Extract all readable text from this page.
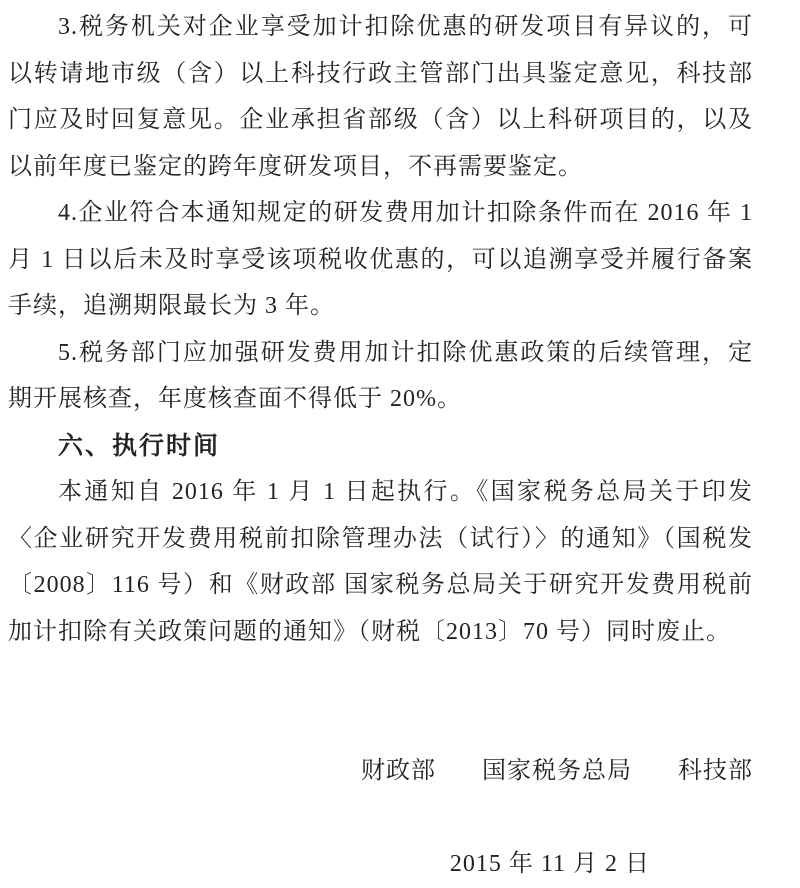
3.税务机关对企业享受加计扣除优惠的研发项目有异议的，可
以转请地市级（含）以上科技行政主管部门出具鉴定意见，科技部
门应及时回复意见。企业承担省部级（含）以上科研项目的，以及
以前年度已鉴定的跨年度研发项目，不再需要鉴定。
4.企业符合本通知规定的研发费用加计扣除条件而在 2016 年 1
月 1 日以后未及时享受该项税收优惠的，可以追溯享受并履行备案
手续，追溯期限最长为 3 年。
5.税务部门应加强研发费用加计扣除优惠政策的后续管理，定
期开展核查，年度核查面不得低于 20%。
六、执行时间
本通知自 2016 年 1 月 1 日起执行。《国家税务总局关于印发
〈企业研究开发费用税前扣除管理办法（试行）〉的通知》（国税发
〔2008〕116 号）和《财政部 国家税务总局关于研究开发费用税前
加计扣除有关政策问题的通知》（财税〔2013〕70 号）同时废止。
财政部 国家税务总局 科技部
2015 年 11 月 2 日
